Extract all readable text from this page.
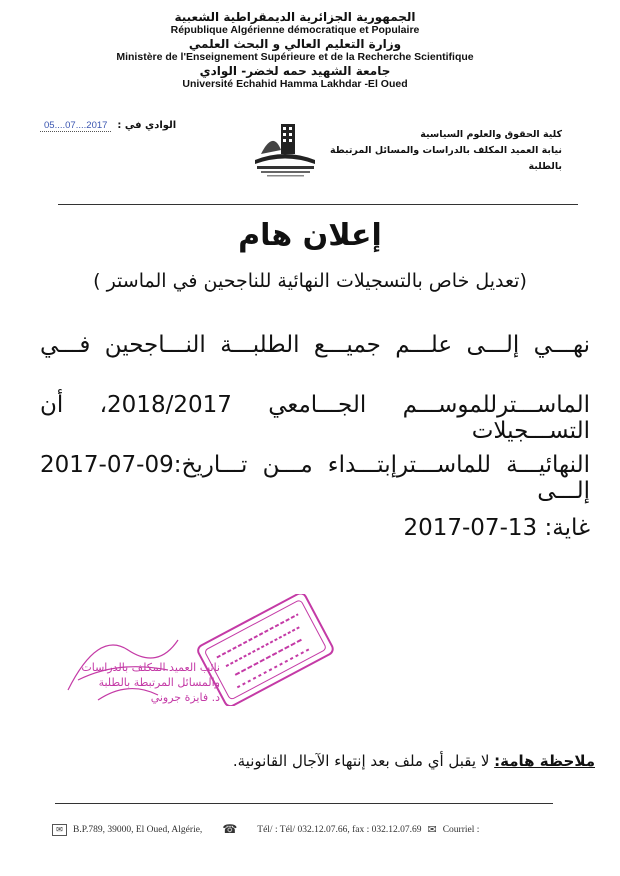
الجمهورية الجزائرية الديمقراطية الشعبية
République Algérienne démocratique et Populaire
وزارة التعليم العالي و البحث العلمي
Ministère de l'Enseignement Supérieure et de la Recherche Scientifique
جامعة الشهيد حمه لخضر- الوادي
Université Echahid Hamma Lakhdar -El Oued
الوادي في :
2017....07....05
كلية الحقوق والعلوم السياسية
نيابة العميد المكلف بالدراسات والمسائل المرتبطة بالطلبة
إعلان هام
(تعديل خاص بالتسجيلات النهائية للناجحين في الماستر )
نهـــي إلـــى علـــم جميـــع الطلبـــة النـــاجحين فـــي
الماســـترللموســـم الجـــامعي 2018/2017، أن التســـجيلات
النهائيـــة للماســـترإبتـــداء مـــن تـــاريخ:09-07-2017 إلـــى
غاية: 13-07-2017
نائب العميد المكلف بالدراسات
والمسائل المرتبطة بالطلبة
د. فايزة جروني
ملاحظة هامة: لا يقبل أي ملف بعد إنتهاء الآجال القانونية.
✉	B.P.789, 39000, El Oued, Algérie, ☎ Tél/ : Tél/ 032.12.07.66, fax : 032.12.07.69 ✉ Courriel :
